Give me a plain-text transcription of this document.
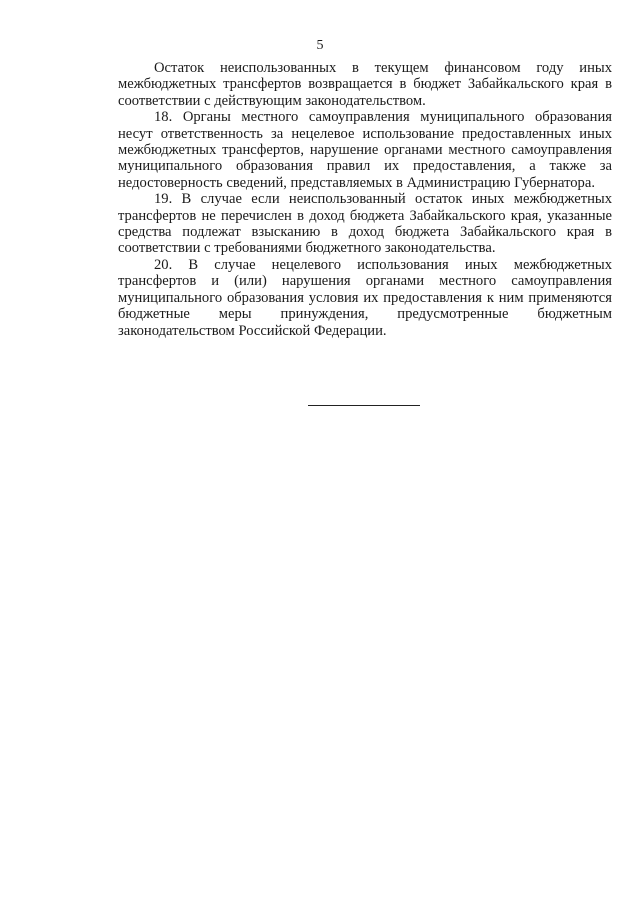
5

Остаток неиспользованных в текущем финансовом году иных межбюджетных трансфертов возвращается в бюджет Забайкальского края в соответствии с действующим законодательством.

18. Органы местного самоуправления муниципального образования несут ответственность за нецелевое использование предоставленных иных межбюджетных трансфертов, нарушение органами местного самоуправления муниципального образования правил их предоставления, а также за недостоверность сведений, представляемых в Администрацию Губернатора.

19. В случае если неиспользованный остаток иных межбюджетных трансфертов не перечислен в доход бюджета Забайкальского края, указанные средства подлежат взысканию в доход бюджета Забайкальского края в соответствии с требованиями бюджетного законодательства.

20. В случае нецелевого использования иных межбюджетных трансфертов и (или) нарушения органами местного самоуправления муниципального образования условия их предоставления к ним применяются бюджетные меры принуждения, предусмотренные бюджетным законодательством Российской Федерации.
